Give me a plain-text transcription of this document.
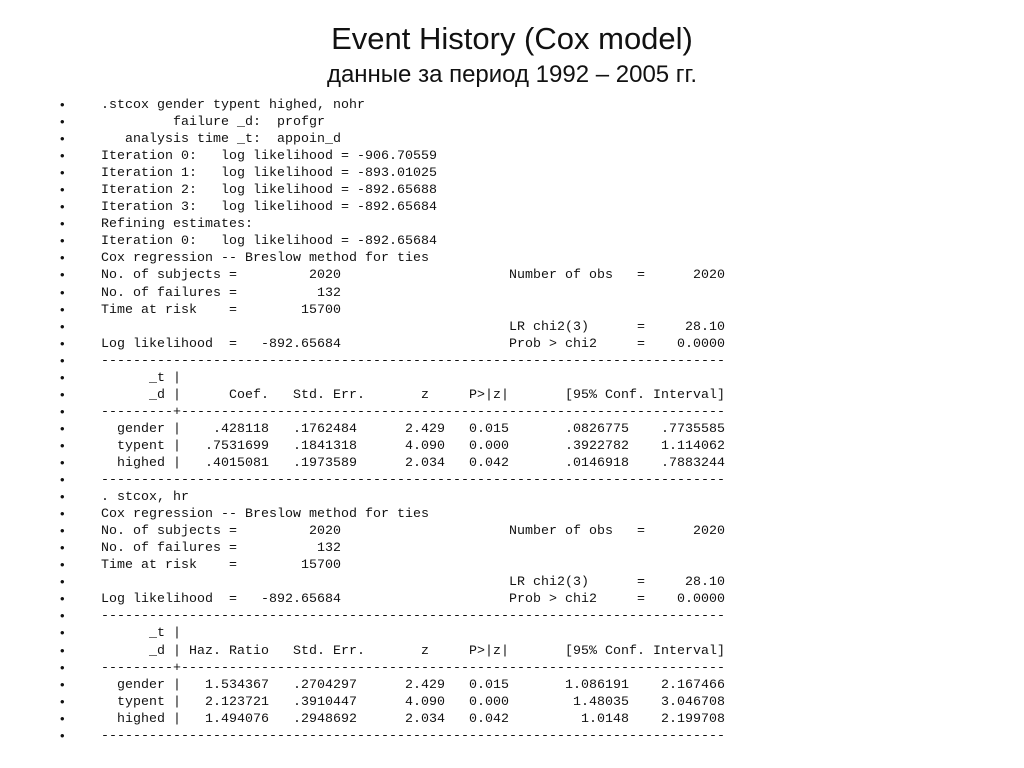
Event History (Cox model)
данные за период 1992 – 2005 гг.
•	.stcox gender typent highed, nohr
•	failure _d:  profgr
•	analysis time _t:  appoin_d
•	Iteration 0:   log likelihood = -906.70559
•	Iteration 1:   log likelihood = -893.01025
•	Iteration 2:   log likelihood = -892.65688
•	Iteration 3:   log likelihood = -892.65684
•	Refining estimates:
•	Iteration 0:   log likelihood = -892.65684
•	Cox regression -- Breslow method for ties
•	No. of subjects =         2020                     Number of obs   =      2020
•	No. of failures =          132
•	Time at risk    =        15700
•	LR chi2(3)      =     28.10
•	Log likelihood  =   -892.65684                     Prob > chi2     =    0.0000
•	------------------------------------------------------------------------------
•	_t |
•	_d |      Coef.   Std. Err.       z     P>|z|       [95% Conf. Interval]
•	---------+--------------------------------------------------------------------
•	gender |    .428118   .1762484      2.429   0.015       .0826775    .7735585
•	typent |   .7531699   .1841318      4.090   0.000       .3922782    1.114062
•	highed |   .4015081   .1973589      2.034   0.042       .0146918    .7883244
•	------------------------------------------------------------------------------
•	. stcox, hr
•	Cox regression -- Breslow method for ties
•	No. of subjects =         2020                     Number of obs   =      2020
•	No. of failures =          132
•	Time at risk    =        15700
•	LR chi2(3)      =     28.10
•	Log likelihood  =   -892.65684                     Prob > chi2     =    0.0000
•	------------------------------------------------------------------------------
•	_t |
•	_d | Haz. Ratio   Std. Err.       z     P>|z|       [95% Conf. Interval]
•	---------+--------------------------------------------------------------------
•	gender |   1.534367   .2704297      2.429   0.015       1.086191    2.167466
•	typent |   2.123721   .3910447      4.090   0.000        1.48035    3.046708
•	highed |   1.494076   .2948692      2.034   0.042         1.0148    2.199708
•	------------------------------------------------------------------------------
